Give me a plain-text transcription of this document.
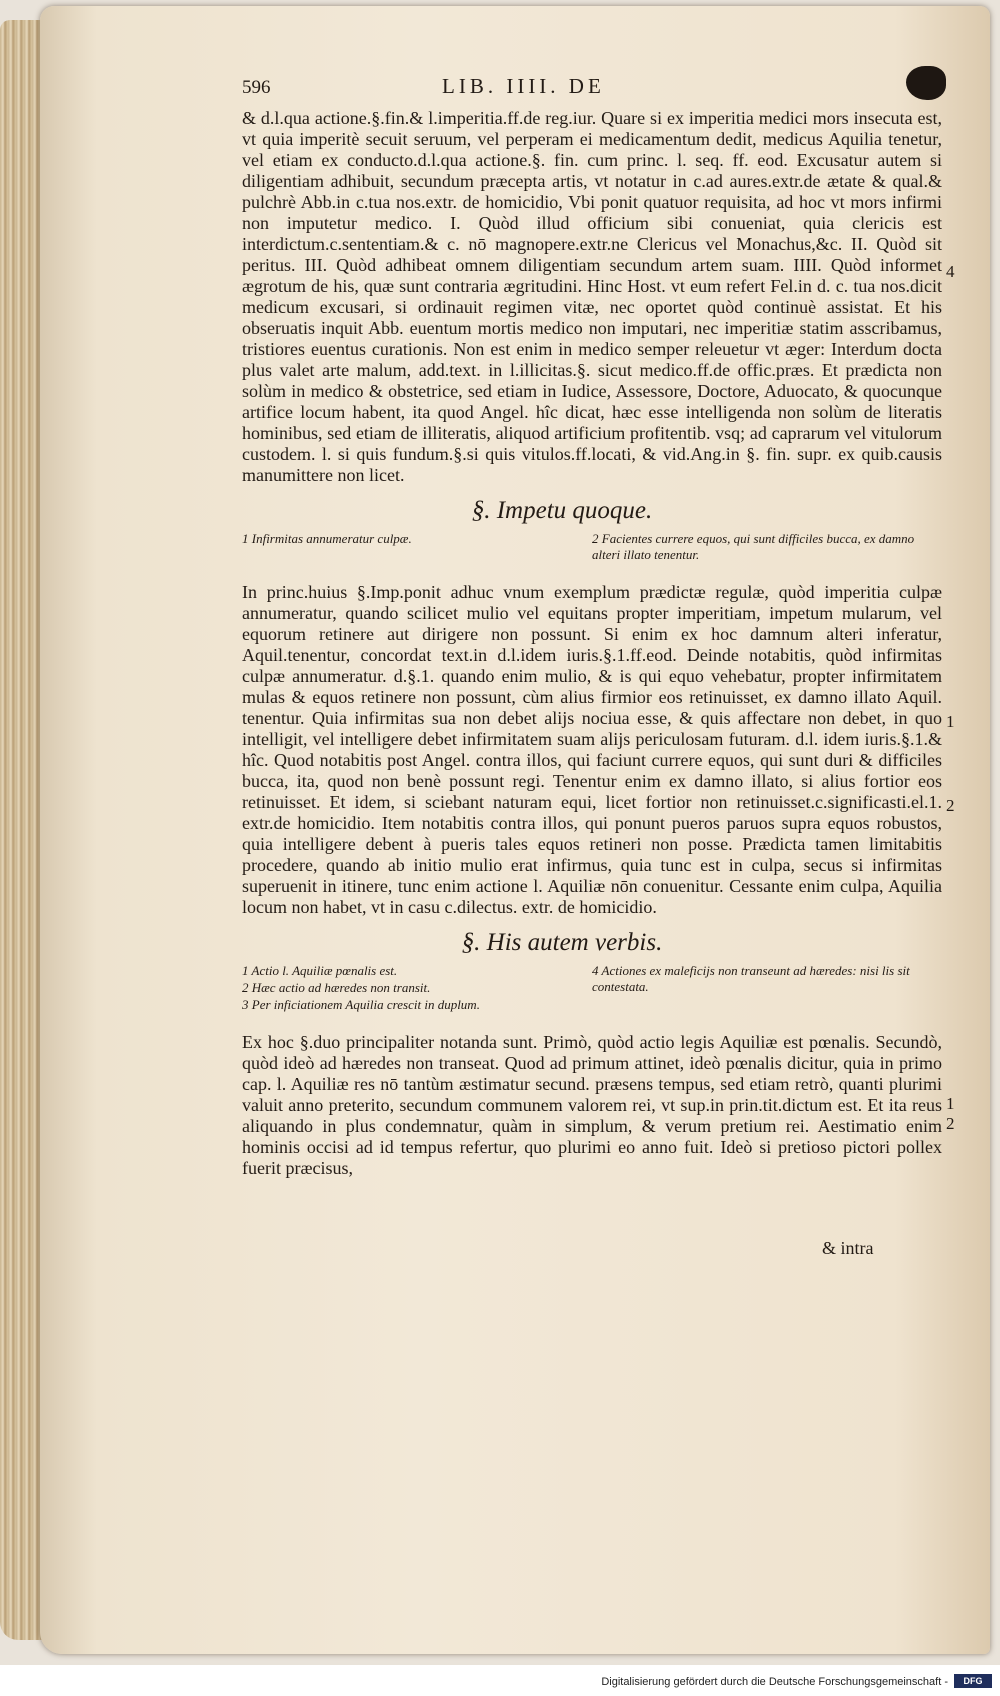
596	LIB. IIII. DE

& d.l.qua actione.§.fin.& l.imperitia.ff.de reg.iur. Quare si ex imperitia medici mors insecuta est, vt quia imperitè secuit seruum, vel perperam ei medicamentum dedit, medicus Aquilia tenetur, vel etiam ex conducto.d.l.qua actione.§. fin. cum princ. l. seq. ff. eod. Excusatur autem si diligentiam adhibuit, secundum præcepta artis, vt notatur in c.ad aures.extr.de ætate & qual.& pulchrè Abb.in c.tua nos.extr. de homicidio, Vbi ponit quatuor requisita, ad hoc vt mors infirmi non imputetur medico. I. Quòd illud officium sibi conueniat, quia clericis est interdictum.c.sententiam.& c. nō magnopere.extr.ne Clericus vel Monachus,&c. II. Quòd sit peritus. III. Quòd adhibeat omnem diligentiam secundum artem suam. IIII. Quòd informet ægrotum de his, quæ sunt contraria ægritudini. Hinc Host. vt eum refert Fel.in d. c. tua nos.dicit medicum excusari, si ordinauit regimen vitæ, nec oportet quòd continuè assistat. Et his obseruatis inquit Abb. euentum mortis medico non imputari, nec imperitiæ statim asscribamus, tristiores euentus curationis. Non est enim in medico semper releuetur vt æger: Interdum docta plus valet arte malum, add.text. in l.illicitas.§. sicut medico.ff.de offic.præs. Et prædicta non solùm in medico & obstetrice, sed etiam in Iudice, Assessore, Doctore, Aduocato, & quocunque artifice locum habent, ita quod Angel. hîc dicat, hæc esse intelligenda non solùm de literatis hominibus, sed etiam de illiteratis, aliquod artificium profitentib. vsq; ad caprarum vel vitulorum custodem. l. si quis fundum.§.si quis vitulos.ff.locati, & vid.Ang.in §. fin. supr. ex quib.causis manumittere non licet.

§. Impetu quoque.
1 Infirmitas annumeratur culpæ.	2 Facientes currere equos, qui sunt difficiles bucca, ex damno alteri illato tenentur.

In princ.huius §.Imp.ponit adhuc vnum exemplum prædictæ regulæ, quòd imperitia culpæ annumeratur, quando scilicet mulio vel equitans propter imperitiam, impetum mularum, vel equorum retinere aut dirigere non possunt. Si enim ex hoc damnum alteri inferatur, Aquil.tenentur, concordat text.in d.l.idem iuris.§.1.ff.eod. Deinde notabitis, quòd infirmitas culpæ annumeratur. d.§.1. quando enim mulio, & is qui equo vehebatur, propter infirmitatem mulas & equos retinere non possunt, cùm alius firmior eos retinuisset, ex damno illato Aquil. tenentur. Quia infirmitas sua non debet alijs nociua esse, & quis affectare non debet, in quo intelligit, vel intelligere debet infirmitatem suam alijs periculosam futuram. d.l. idem iuris.§.1.& hîc. Quod notabitis post Angel. contra illos, qui faciunt currere equos, qui sunt duri & difficiles bucca, ita, quod non benè possunt regi. Tenentur enim ex damno illato, si alius fortior eos retinuisset. Et idem, si sciebant naturam equi, licet fortior non retinuisset.c.significasti.el.1. extr.de homicidio. Item notabitis contra illos, qui ponunt pueros paruos supra equos robustos, quia intelligere debent à pueris tales equos retineri non posse. Prædicta tamen limitabitis procedere, quando ab initio mulio erat infirmus, quia tunc est in culpa, secus si infirmitas superuenit in itinere, tunc enim actione l. Aquiliæ nōn conuenitur. Cessante enim culpa, Aquilia locum non habet, vt in casu c.dilectus. extr. de homicidio.

§. His autem verbis.
1 Actio l. Aquiliæ pœnalis est.
2 Hæc actio ad hæredes non transit.
3 Per inficiationem Aquilia crescit in duplum.
4 Actiones ex maleficijs non transeunt ad hæredes: nisi lis sit contestata.

Ex hoc §.duo principaliter notanda sunt. Primò, quòd actio legis Aquiliæ est pœnalis. Secundò, quòd ideò ad hæredes non transeat. Quod ad primum attinet, ideò pœnalis dicitur, quia in primo cap. l. Aquiliæ res nō tantùm æstimatur secund. præsens tempus, sed etiam retrò, quanti plurimi valuit anno preterito, secundum communem valorem rei, vt sup.in prin.tit.dictum est. Et ita reus aliquando in plus condemnatur, quàm in simplum, & verum pretium rei. Aestimatio enim hominis occisi ad id tempus refertur, quo plurimi eo anno fuit. Ideò si pretioso pictori pollex fuerit præcisus,

4
1
2
1
2
& intra
Digitalisierung gefördert durch die Deutsche Forschungsgemeinschaft -	DFG
